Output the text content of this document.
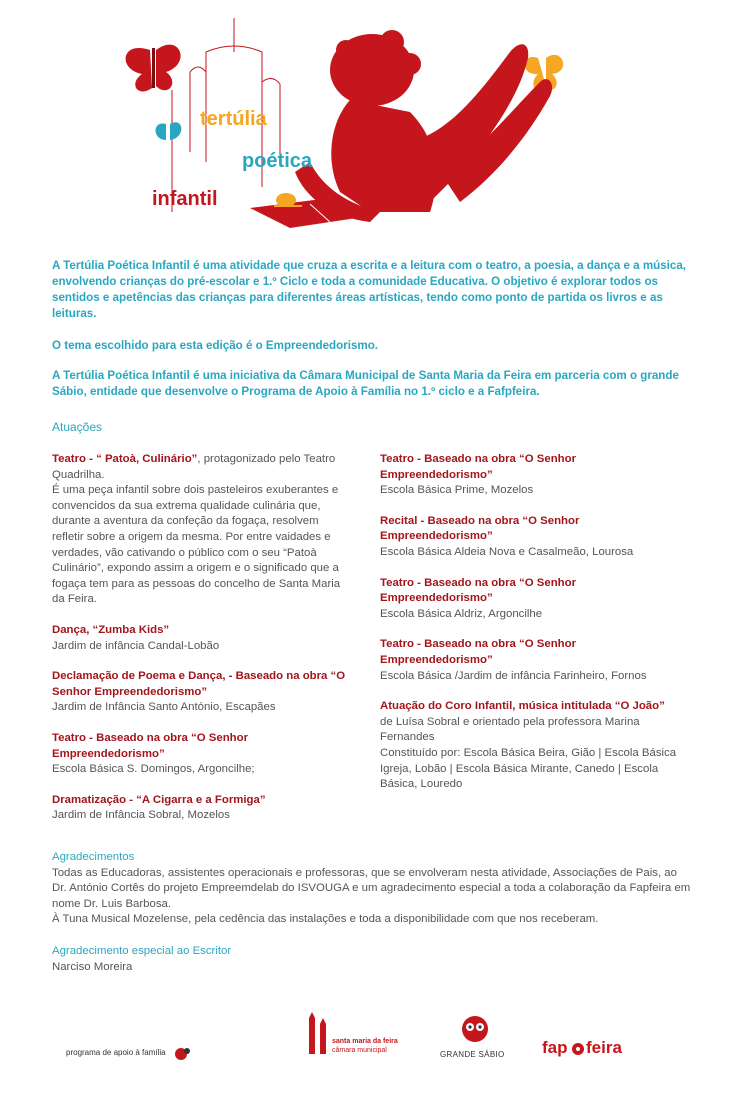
tertúlia
poética
infantil

A Tertúlia Poética Infantil é uma atividade que cruza a escrita e a leitura com o teatro, a poesia, a dança e a música, envolvendo crianças do pré-escolar e 1.º Ciclo e toda a comunidade Educativa. O objetivo é explorar todos os sentidos e apetências das crianças para diferentes áreas artísticas, tendo como ponto de partida os livros e as leituras.

O tema escolhido para esta edição é o Empreendedorismo.

A Tertúlia Poética Infantil é uma iniciativa da Câmara Municipal de Santa Maria da Feira em parceria com o grande Sábio, entidade que desenvolve o Programa de Apoio à Família no 1.º ciclo e a Fafpfeira.

Atuações
Teatro - “ Patoà, Culinário”, protagonizado pelo Teatro Quadrilha.
É uma peça infantil sobre dois pasteleiros exuberantes e convencidos da sua extrema qualidade culinária que, durante a aventura da confeção da fogaça, resolvem refletir sobre a origem da mesma. Por entre vaidades e verdades, vão cativando o público com o seu “Patoà Culinário”, expondo assim a origem e o significado que a fogaça tem para as pessoas do concelho de Santa Maria da Feira.
Dança, “Zumba Kids”
Jardim de infância Candal-Lobão
Declamação de Poema e Dança, - Baseado na obra “O Senhor Empreendedorismo”
Jardim de Infância Santo António, Escapães
Teatro - Baseado na obra “O Senhor Empreendedorismo”
Escola Básica S. Domingos, Argoncilhe;
Dramatização - “A Cigarra e a Formiga”
Jardim de Infância Sobral, Mozelos
Teatro - Baseado na obra “O Senhor Empreendedorismo”
Escola Básica Prime, Mozelos
Recital - Baseado na obra “O Senhor Empreendedorismo”
Escola Básica Aldeia Nova e Casalmeão, Lourosa
Teatro - Baseado na obra “O Senhor Empreendedorismo”
Escola Básica Aldriz, Argoncilhe
Teatro - Baseado na obra “O Senhor Empreendedorismo”
Escola Básica /Jardim de infância Farinheiro, Fornos
Atuação do Coro Infantil, música intitulada “O João”
de Luísa Sobral e orientado pela professora Marina Fernandes
Constituído por: Escola Básica Beira, Gião | Escola Básica Igreja, Lobão | Escola Básica Mirante, Canedo | Escola Básica, Louredo
Agradecimentos
Todas as Educadoras, assistentes operacionais e professoras, que se envolveram nesta atividade, Associações de Pais, ao Dr. António Cortês do projeto Empreemdelab do ISVOUGA e um agradecimento especial a toda a colaboração da Fapfeira em nome Dr. Luis Barbosa.
À Tuna Musical Mozelense, pela cedência das instalações e toda a disponibilidade com que nos receberam.
Agradecimento especial ao Escritor
Narciso Moreira
programa de apoio à família
santa maria da feira
câmara municipal	GRANDE SÁBIO fap feira
